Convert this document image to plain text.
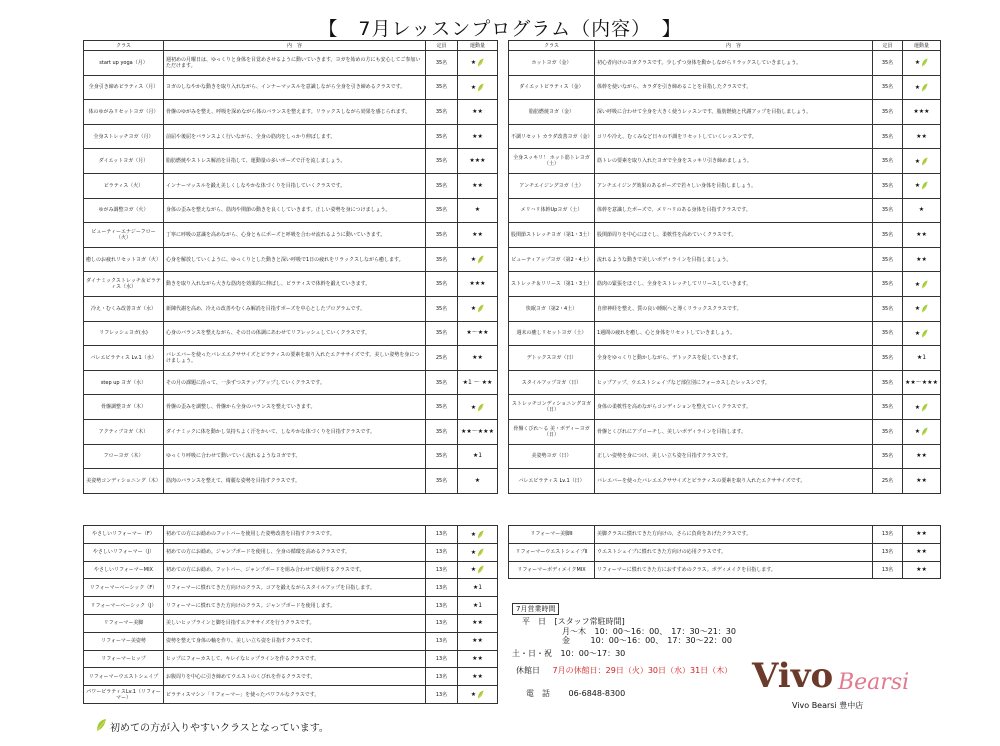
【　7月レッスンプログラム（内容）　】
クラス	内　容	定員	運動量
start up yoga（月）	週初めの月曜日は、ゆっくりと身体を目覚めさせるように動いていきます。ヨガを始めの方にも安心してご参加いただけます。	35名	★
全身引き締めピラティス（月）	ヨガのしなやかな動きを取り入れながら、インナーマッスルを意識しながら全身を引き締めるクラスです。	35名	★
体のゆがみリセットヨガ（月）	骨盤のゆがみを整え、呼吸を深めながら体のバランスを整えます。リラックスしながら効果を感じられます。	35名	★★
全身ストレッチヨガ（月）	前屈や後屈をバランスよく行いながら、全身の筋肉をしっかり伸ばします。	35名	★★
ダイエットヨガ（月）	脂肪燃焼やストレス解消を目指して、運動量の多いポーズで汗を流しましょう。	35名	★★★
ピラティス（火）	インナーマッスルを鍛え美しくしなやかな体づくりを目指していくクラスです。	35名	★★
ゆがみ調整ヨガ（火）	身体の歪みを整えながら、筋肉や関節の動きを良くしていきます。正しい姿勢を身につけましょう。	35名	★
ビューティーエナジーフロー（火）	丁寧に呼吸の意識を高めながら、心身ともにポーズと呼吸を合わせ流れるように動いていきます。	35名	★★
癒しのお疲れリセットヨガ（火）	心身を解放していくように、ゆっくりとした動きと深い呼吸で1日の疲れをリラックスしながら癒します。	35名	★
ダイナミックストレッチ＆ピラティス（水）	動きを取り入れながら大きな筋肉を効果的に伸ばし、ピラティスで体幹を鍛えていきます。	35名	★★★
冷え・むくみ改善ヨガ（水）	新陳代謝を高め、冷えの改善やむくみ解消を目指すポーズを中心としたプログラムです。	35名	★
リフレッシュヨガ(水)	心身のバランスを整えながら、その日の体調にあわせてリフレッシュしていくクラスです。	35名	★〜★★
バレエピラティス Lv.1（水）	バレエバーを使ったバレエエクササイズとピラティスの要素を取り入れたエクササイズです。美しい姿勢を身につけましょう。	25名	★★
step up ヨガ（水）	その月の課題に沿って、一歩ずつステップアップしていくクラスです。	35名	★1 〜 ★★
骨盤調整ヨガ（木）	骨盤の歪みを調整し、骨盤から全身のバランスを整えていきます。	35名	★
アクティブヨガ（木）	ダイナミックに体を動かし気持ちよく汗をかいて、しなやかな体づくりを目指すクラスです。	35名	★★〜★★★
フローヨガ（木）	ゆっくり呼吸に合わせて動いていく流れるようなヨガです。	35名	★1
美姿勢コンディショニング（木）	筋肉のバランスを整えて、綺麗な姿勢を目指すクラスです。	35名	★
クラス	内　容	定員	運動量
ホットヨガ（金）	初心者向けのヨガクラスです。少しずつ身体を動かしながらリラックスしていきましょう。	35名	★
ダイエットピラティス（金）	体幹を使いながら、カラダを引き締めることを目指したクラスです。	35名	★
脂肪燃焼ヨガ（金）	深い呼吸に合わせて全身を大きく使うレッスンです。脂肪燃焼と代謝アップを目指しましょう。	35名	★★★
不調リセット カラダ改善ヨガ（金）	コリや冷え、むくみなど日々の不調をリセットしていくレッスンです。	35名	★★
全身スッキリ！ ホット筋トレヨガ（土）	筋トレの要素を取り入れたヨガで全身をスッキリ引き締めましょう。	35名	★
アンチエイジングヨガ（土）	アンチエイジング効果のあるポーズで若々しい身体を目指しましょう。	35名	★
メリハリ体幹Upヨガ（土）	体幹を意識したポーズで、メリハリのある身体を目指すクラスです。	35名	★
股関節ストレッチヨガ（第1・3土）	股関節周りを中心にほぐし、柔軟性を高めていくクラスです。	35名	★★
ビューティアップヨガ（第2・4土）	流れるような動きで美しいボディラインを目指しましょう。	35名	★★
ストレッチ＆リリース（第1・3土）	筋肉の緊張をほぐし、全身をストレッチしてリリースしていきます。	35名	★
快眠ヨガ（第2・4土）	自律神経を整え、質の良い睡眠へと導くリラックスクラスです。	35名	★
週末の癒しリセットヨガ（土）	1週間の疲れを癒し、心と身体をリセットしていきましょう。	35名	★
デトックスヨガ（日）	全身をゆっくりと動かしながら、デトックスを促していきます。	35名	★1
スタイルアップヨガ（日）	ヒップアップ、ウエストシェイプなど部位別にフォーカスしたレッスンです。	35名	★★〜★★★
ストレッチコンディショニングヨガ（日）	身体の柔軟性を高めながらコンディションを整えていくクラスです。	35名	★
骨盤くびれ～る 美・ボディーヨガ（日）	骨盤とくびれにアプローチし、美しいボディラインを目指します。	35名	★
美姿勢ヨガ（日）	正しい姿勢を身につけ、美しい立ち姿を目指すクラスです。	35名	★★
バレエピラティス Lv.1（日）	バレエバーを使ったバレエエクササイズとピラティスの要素を取り入れたエクササイズです。	25名	★★
やさしいリフォーマー（F）	初めての方にお勧めのフットバーを使用した姿勢改善を目指すクラスです。	13名	★
やさしいリフォーマー（J）	初めての方にお勧め。ジャンプボードを使用し、全身の循環を高めるクラスです。	13名	★
やさしいリフォーマーMIX	初めての方にお勧め。フットバー、ジャンプボードを組み合わせて使用するクラスです。	13名	★
リフォーマーベーシック（F）	リフォーマーに慣れてきた方向けのクラス。コアを鍛えながらスタイルアップを目指します。	13名	★1
リフォーマーベーシック（J）	リフォーマーに慣れてきた方向けのクラス。ジャンプボードを使用します。	13名	★1
リフォーマー美脚	美しいヒップラインと脚を目指すエクササイズを行うクラスです。	13名	★★
リフォーマー美姿勢	姿勢を整えて身体の軸を作り、美しい立ち姿を目指すクラスです。	13名	★★
リフォーマーヒップ	ヒップにフォーカスして、キレイなヒップラインを作るクラスです。	13名	★★
リフォーマーウエストシェイプ	お腹周りを中心に引き締めてウエストのくびれを作るクラスです。	13名	★★
パワーピラティスLv.1（リフォーマー）	ピラティスマシン「リフォーマー」を使ったパワフルなクラスです。	13名	★
リフォーマー美脚Ⅱ	美脚クラスに慣れてきた方向けの、さらに負荷をあげたクラスです。	13名	★★
リフォーマーウエストシェイプⅡ	ウエストシェイプに慣れてきた方向けの応用クラスです。	13名	★★
リフォーマーボディメイクMIX	リフォーマーに慣れてきた方におすすめのクラス。ボディメイクを目指します。	13名	★★
7月営業時間
平　日 [スタッフ常駐時間]
月〜木 10：00〜16：00、　17：30〜21：30
金	10：00〜16：00、　17：30〜22：00
土・日・祝 10：00〜17：30
休館日 7月の休館日：29日（火）30日（水）31日（木）
電　話 06-6848-8300	Vivo Bearsi
Vivo Bearsi 豊中店
初めての方が入りやすいクラスとなっています。
